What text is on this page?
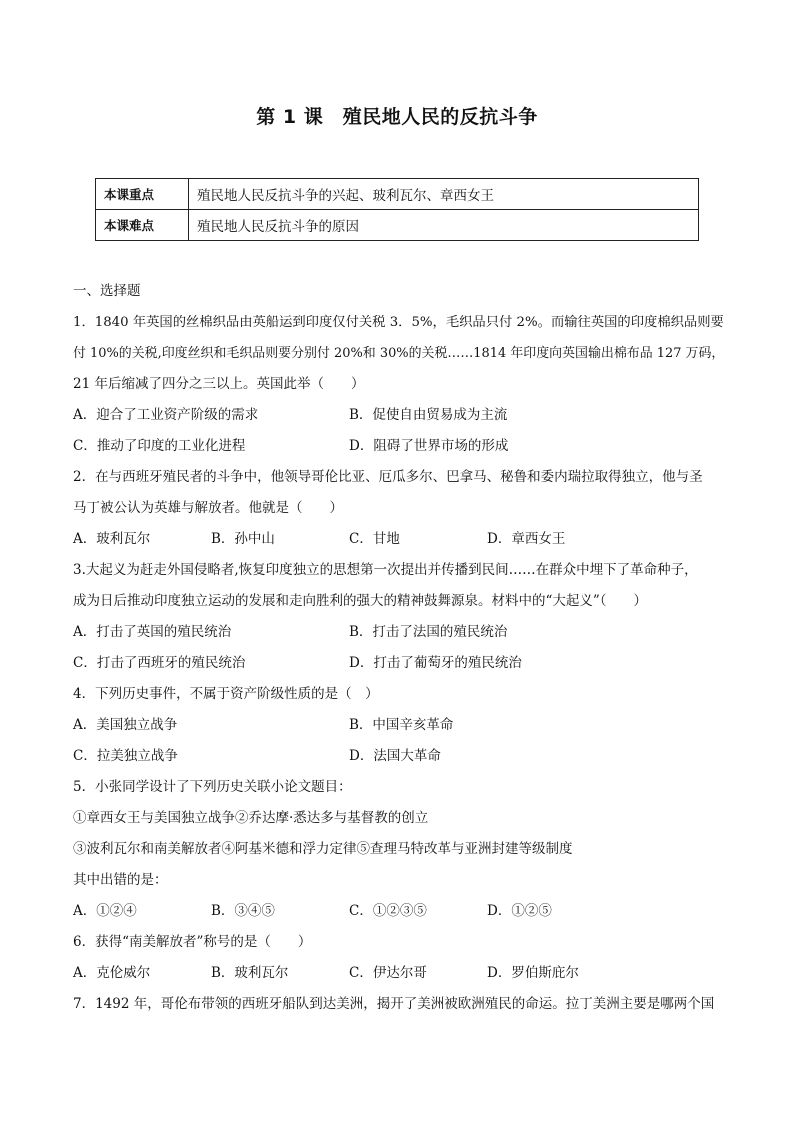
第 1 课　殖民地人民的反抗斗争
本课重点	殖民地人民反抗斗争的兴起、玻利瓦尔、章西女王
本课难点	殖民地人民反抗斗争的原因
一、选择题
1．1840 年英国的丝棉织品由英船运到印度仅付关税 3．5%，毛织品只付 2%。而输往英国的印度棉织品则要
付 10%的关税,印度丝织和毛织品则要分别付 20%和 30%的关税……1814 年印度向英国输出棉布品 127 万码，
21 年后缩减了四分之三以上。英国此举（　　）
A．迎合了工业资产阶级的需求	B．促使自由贸易成为主流
C．推动了印度的工业化进程	D．阻碍了世界市场的形成
2．在与西班牙殖民者的斗争中，他领导哥伦比亚、厄瓜多尔、巴拿马、秘鲁和委内瑞拉取得独立，他与圣
马丁被公认为英雄与解放者。他就是（　　）
A．玻利瓦尔	B．孙中山	C．甘地	D．章西女王
3.大起义为赶走外国侵略者,恢复印度独立的思想第一次提出并传播到民间……在群众中埋下了革命种子，
成为日后推动印度独立运动的发展和走向胜利的强大的精神鼓舞源泉。材料中的“大起义”（　　）
A．打击了英国的殖民统治	B．打击了法国的殖民统治
C．打击了西班牙的殖民统治	D．打击了葡萄牙的殖民统治
4．下列历史事件，不属于资产阶级性质的是（　）
A．美国独立战争	B．中国辛亥革命
C．拉美独立战争	D．法国大革命
5．小张同学设计了下列历史关联小论文题目：
①章西女王与美国独立战争②乔达摩·悉达多与基督教的创立
③波利瓦尔和南美解放者④阿基米德和浮力定律⑤查理马特改革与亚洲封建等级制度
其中出错的是：
A．①②④	B．③④⑤	C．①②③⑤	D．①②⑤
6．获得“南美解放者”称号的是（　　）
A．克伦威尔	B．玻利瓦尔	C．伊达尔哥	D．罗伯斯庇尔
7．1492 年，哥伦布带领的西班牙船队到达美洲，揭开了美洲被欧洲殖民的命运。拉丁美洲主要是哪两个国
